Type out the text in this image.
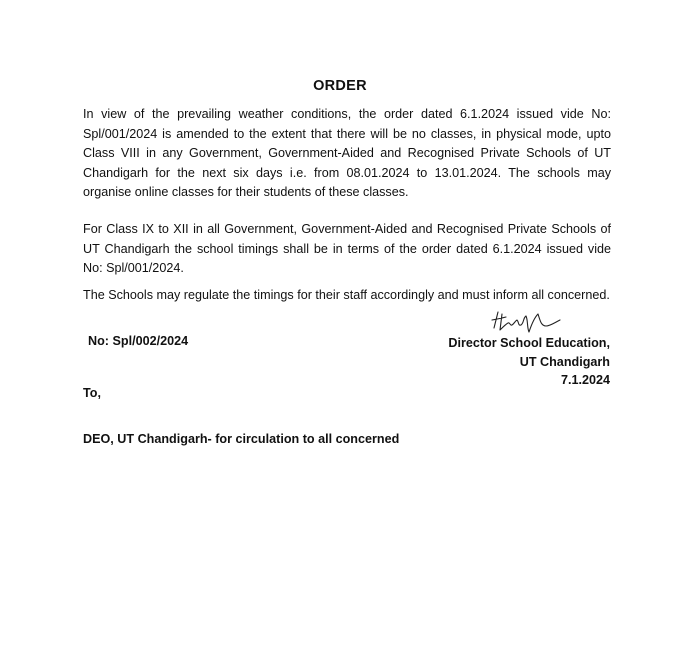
ORDER

In view of the prevailing weather conditions, the order dated 6.1.2024 issued vide No: Spl/001/2024 is amended to the extent that there will be no classes, in physical mode, upto Class VIII in any Government, Government-Aided and Recognised Private Schools of UT Chandigarh for the next six days i.e. from 08.01.2024 to 13.01.2024. The schools may organise online classes for their students of these classes.

For Class IX to XII in all Government, Government-Aided and Recognised Private Schools of UT Chandigarh the school timings shall be in terms of the order dated 6.1.2024 issued vide No: Spl/001/2024.

The Schools may regulate the timings for their staff accordingly and must inform all concerned.

No: Spl/002/2024	Director School Education,
UT Chandigarh
7.1.2024
To,
DEO, UT Chandigarh- for circulation to all concerned
